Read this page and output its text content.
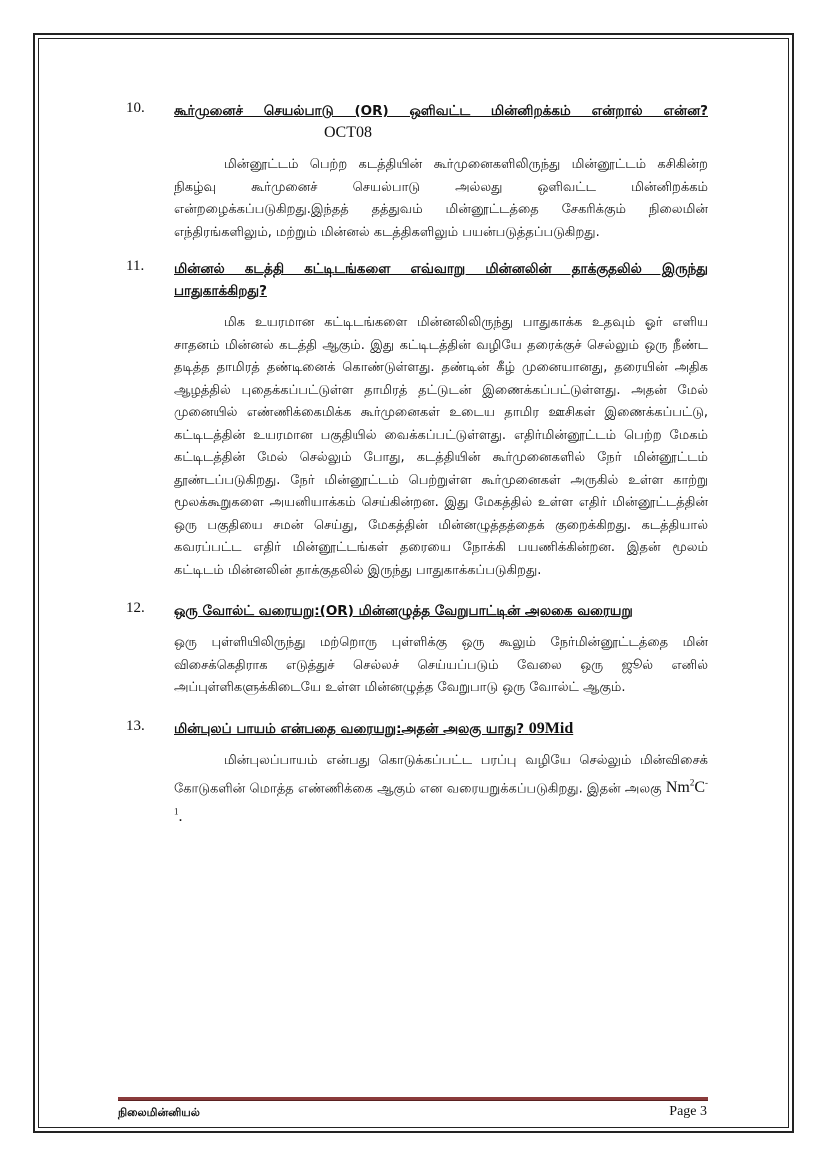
10. கூர்முனைச் செயல்பாடு (OR) ஒளிவட்ட மின்னிறக்கம் என்றால் என்ன?OCT08
மின்னூட்டம் பெற்ற கடத்தியின் கூர்முனைகளிலிருந்து மின்னூட்டம் கசிகின்ற நிகழ்வு கூர்முனைச் செயல்பாடு அல்லது ஒளிவட்ட மின்னிறக்கம் என்றழைக்கப்படுகிறது.இந்தத் தத்துவம் மின்னூட்டத்தை சேகரிக்கும் நிலைமின் எந்திரங்களிலும், மற்றும் மின்னல் கடத்திகளிலும் பயன்படுத்தப்படுகிறது.
11. மின்னல் கடத்தி கட்டிடங்களை எவ்வாறு மின்னலின் தாக்குதலில் இருந்து பாதுகாக்கிறது?
மிக உயரமான கட்டிடங்களை மின்னலிலிருந்து பாதுகாக்க உதவும் ஓர் எளிய சாதனம் மின்னல் கடத்தி ஆகும். இது கட்டிடத்தின் வழியே தரைக்குச் செல்லும் ஒரு நீண்ட தடித்த தாமிரத் தண்டினைக் கொண்டுள்ளது. தண்டின் கீழ் முனையானது, தரையின் அதிக ஆழத்தில் புதைக்கப்பட்டுள்ள தாமிரத் தட்டுடன் இணைக்கப்பட்டுள்ளது. அதன் மேல் முனையில் எண்ணிக்கைமிக்க கூர்முனைகள் உடைய தாமிர ஊசிகள் இணைக்கப்பட்டு, கட்டிடத்தின் உயரமான பகுதியில் வைக்கப்பட்டுள்ளது. எதிர்மின்னூட்டம் பெற்ற மேகம் கட்டிடத்தின் மேல் செல்லும் போது, கடத்தியின் கூர்முனைகளில் நேர் மின்னூட்டம் தூண்டப்படுகிறது. நேர் மின்னூட்டம் பெற்றுள்ள கூர்முனைகள் அருகில் உள்ள காற்று மூலக்கூறுகளை அயனியாக்கம் செய்கின்றன. இது மேகத்தில் உள்ள எதிர் மின்னூட்டத்தின் ஒரு பகுதியை சமன் செய்து, மேகத்தின் மின்னழுத்தத்தைக் குறைக்கிறது. கடத்தியால் கவரப்பட்ட எதிர் மின்னூட்டங்கள் தரையை நோக்கி பயணிக்கின்றன. இதன் மூலம் கட்டிடம் மின்னலின் தாக்குதலில் இருந்து பாதுகாக்கப்படுகிறது.
12. ஒரு வோல்ட் வரையறு:(OR) மின்னழுத்த வேறுபாட்டின் அலகை வரையறு
ஒரு புள்ளியிலிருந்து மற்றொரு புள்ளிக்கு ஒரு கூலும் நேர்மின்னூட்டத்தை மின் விசைக்கெதிராக எடுத்துச் செல்லச் செய்யப்படும் வேலை ஒரு ஜூல் எனில் அப்புள்ளிகளுக்கிடையே உள்ள மின்னழுத்த வேறுபாடு ஒரு வோல்ட் ஆகும்.
13. மின்புலப் பாயம் என்பதை வரையறு:அதன் அலகு யாது? 09Mid
மின்புலப்பாயம் என்பது கொடுக்கப்பட்ட பரப்பு வழியே செல்லும் மின்விசைக் கோடுகளின் மொத்த எண்ணிக்கை ஆகும் என வரையறுக்கப்படுகிறது. இதன் அலகு $Nm^2C^{-1}$.
நிலைமின்னியல்	Page 3
